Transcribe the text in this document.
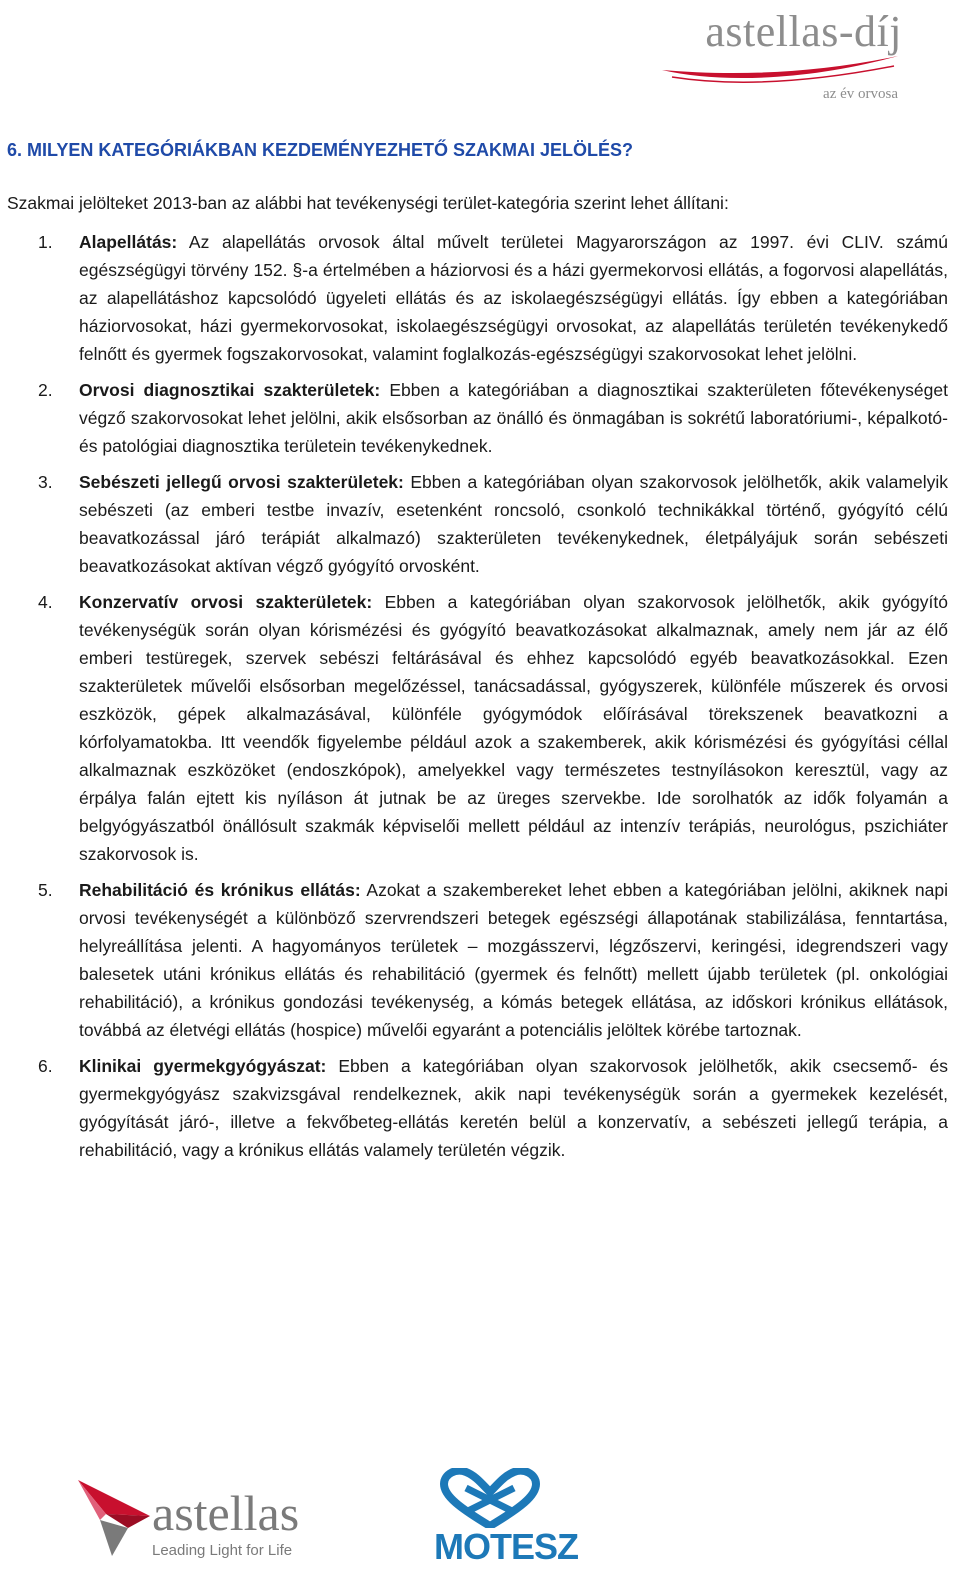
astellas-díj
az év orvosa
6. MILYEN KATEGÓRIÁKBAN KEZDEMÉNYEZHETŐ SZAKMAI JELÖLÉS?
Szakmai jelölteket 2013-ban az alábbi hat tevékenységi terület-kategória szerint lehet állítani:
1. Alapellátás: Az alapellátás orvosok által művelt területei Magyarországon az 1997. évi CLIV. számú egészségügyi törvény 152. §-a értelmében a háziorvosi és a házi gyermekorvosi ellátás, a fogorvosi alapellátás, az alapellátáshoz kapcsolódó ügyeleti ellátás és az iskolaegészségügyi ellátás. Így ebben a kategóriában háziorvosokat, házi gyermekorvosokat, iskolaegészségügyi orvosokat, az alapellátás területén tevékenykedő felnőtt és gyermek fogszakorvosokat, valamint foglalkozás-egészségügyi szakorvosokat lehet jelölni.
2. Orvosi diagnosztikai szakterületek: Ebben a kategóriában a diagnosztikai szakterületen főtevékenységet végző szakorvosokat lehet jelölni, akik elsősorban az önálló és önmagában is sokrétű laboratóriumi-, képalkotó- és patológiai diagnosztika területein tevékenykednek.
3. Sebészeti jellegű orvosi szakterületek: Ebben a kategóriában olyan szakorvosok jelölhetők, akik valamelyik sebészeti (az emberi testbe invazív, esetenként roncsoló, csonkoló technikákkal történő, gyógyító célú beavatkozással járó terápiát alkalmazó) szakterületen tevékenykednek, életpályájuk során sebészeti beavatkozásokat aktívan végző gyógyító orvosként.
4. Konzervatív orvosi szakterületek: Ebben a kategóriában olyan szakorvosok jelölhetők, akik gyógyító tevékenységük során olyan kórismézési és gyógyító beavatkozásokat alkalmaznak, amely nem jár az élő emberi testüregek, szervek sebészi feltárásával és ehhez kapcsolódó egyéb beavatkozásokkal. Ezen szakterületek művelői elsősorban megelőzéssel, tanácsadással, gyógyszerek, különféle műszerek és orvosi eszközök, gépek alkalmazásával, különféle gyógymódok előírásával törekszenek beavatkozni a kórfolyamatokba. Itt veendők figyelembe például azok a szakemberek, akik kórismézési és gyógyítási céllal alkalmaznak eszközöket (endoszkópok), amelyekkel vagy természetes testnyílásokon keresztül, vagy az érpálya falán ejtett kis nyíláson át jutnak be az üreges szervekbe. Ide sorolhatók az idők folyamán a belgyógyászatból önállósult szakmák képviselői mellett például az intenzív terápiás, neurológus, pszichiáter szakorvosok is.
5. Rehabilitáció és krónikus ellátás: Azokat a szakembereket lehet ebben a kategóriában jelölni, akiknek napi orvosi tevékenységét a különböző szervrendszeri betegek egészségi állapotának stabilizálása, fenntartása, helyreállítása jelenti. A hagyományos területek – mozgásszervi, légzőszervi, keringési, idegrendszeri vagy balesetek utáni krónikus ellátás és rehabilitáció (gyermek és felnőtt) mellett újabb területek (pl. onkológiai rehabilitáció), a krónikus gondozási tevékenység, a kómás betegek ellátása, az időskori krónikus ellátások, továbbá az életvégi ellátás (hospice) művelői egyaránt a potenciális jelöltek körébe tartoznak.
6. Klinikai gyermekgyógyászat: Ebben a kategóriában olyan szakorvosok jelölhetők, akik csecsemő- és gyermekgyógyász szakvizsgával rendelkeznek, akik napi tevékenységük során a gyermekek kezelését, gyógyítását járó-, illetve a fekvőbeteg-ellátás keretén belül a konzervatív, a sebészeti jellegű terápia, a rehabilitáció, vagy a krónikus ellátás valamely területén végzik.
astellas
Leading Light for Life	MOTESZ
